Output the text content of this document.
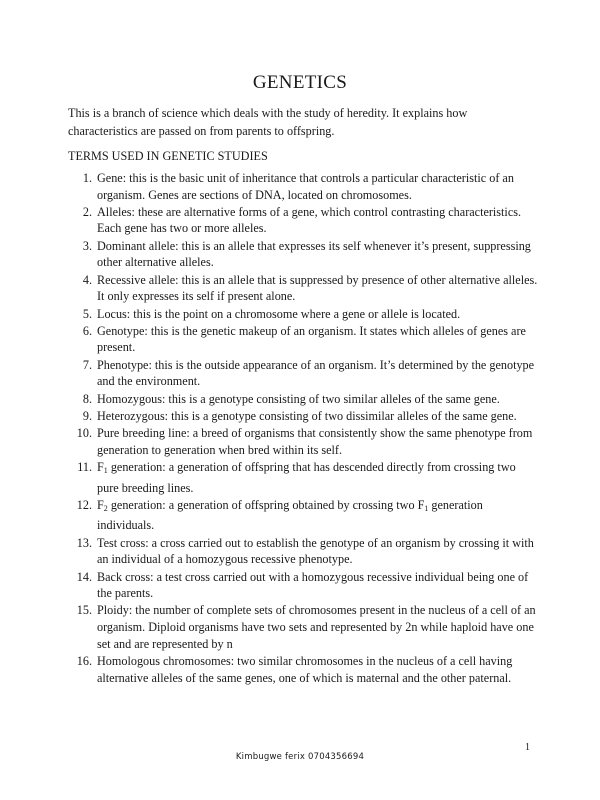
GENETICS
This is a branch of science which deals with the study of heredity. It explains how characteristics are passed on from parents to offspring.
TERMS USED IN GENETIC STUDIES
1. Gene: this is the basic unit of inheritance that controls a particular characteristic of an organism. Genes are sections of DNA, located on chromosomes.
2. Alleles: these are alternative forms of a gene, which control contrasting characteristics. Each gene has two or more alleles.
3. Dominant allele: this is an allele that expresses its self whenever it’s present, suppressing other alternative alleles.
4. Recessive allele: this is an allele that is suppressed by presence of other alternative alleles. It only expresses its self if present alone.
5. Locus: this is the point on a chromosome where a gene or allele is located.
6. Genotype: this is the genetic makeup of an organism. It states which alleles of genes are present.
7. Phenotype: this is the outside appearance of an organism. It’s determined by the genotype and the environment.
8. Homozygous: this is a genotype consisting of two similar alleles of the same gene.
9. Heterozygous: this is a genotype consisting of two dissimilar alleles of the same gene.
10. Pure breeding line: a breed of organisms that consistently show the same phenotype from generation to generation when bred within its self.
11. $F_1$ generation: a generation of offspring that has descended directly from crossing two pure breeding lines.
12. $F_2$ generation: a generation of offspring obtained by crossing two $F_1$ generation individuals.
13. Test cross: a cross carried out to establish the genotype of an organism by crossing it with an individual of a homozygous recessive phenotype.
14. Back cross: a test cross carried out with a homozygous recessive individual being one of the parents.
15. Ploidy: the number of complete sets of chromosomes present in the nucleus of a cell of an organism. Diploid organisms have two sets and represented by 2n while haploid have one set and are represented by n
16. Homologous chromosomes: two similar chromosomes in the nucleus of a cell having alternative alleles of the same genes, one of which is maternal and the other paternal.
1
Kimbugwe ferix 0704356694
